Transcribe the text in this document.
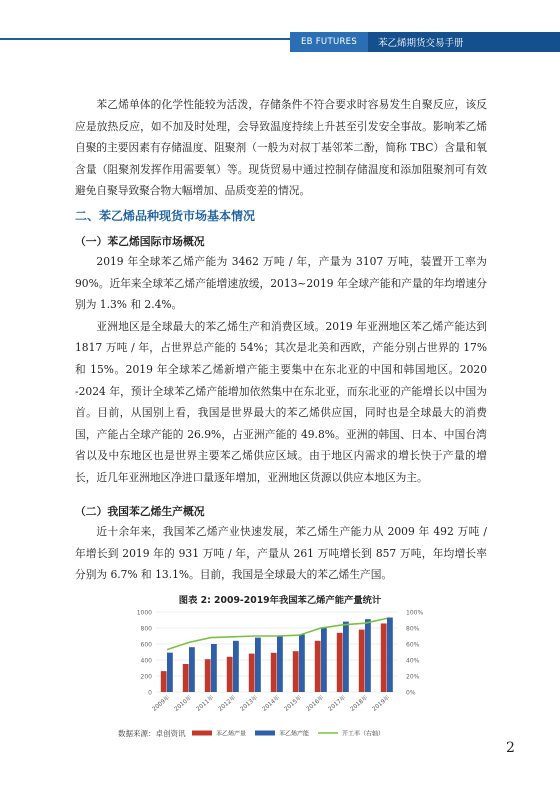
EB FUTURES	苯乙烯期货交易手册

苯乙烯单体的化学性能较为活泼，存储条件不符合要求时容易发生自聚反应，该反应是放热反应，如不加及时处理，会导致温度持续上升甚至引发安全事故。影响苯乙烯自聚的主要因素有存储温度、阻聚剂（一般为对叔丁基邻苯二酚，简称 TBC）含量和氧含量（阻聚剂发挥作用需要氧）等。现货贸易中通过控制存储温度和添加阻聚剂可有效避免自聚导致聚合物大幅增加、品质变差的情况。

二、苯乙烯品种现货市场基本情况
（一）苯乙烯国际市场概况

2019 年全球苯乙烯产能为 3462 万吨 / 年，产量为 3107 万吨，装置开工率为 90%。近年来全球苯乙烯产能增速放缓，2013~2019 年全球产能和产量的年均增速分别为 1.3% 和 2.4%。

亚洲地区是全球最大的苯乙烯生产和消费区域。2019 年亚洲地区苯乙烯产能达到 1817 万吨 / 年，占世界总产能的 54%；其次是北美和西欧，产能分别占世界的 17% 和 15%。2019 年全球苯乙烯新增产能主要集中在东北亚的中国和韩国地区。2020 -2024 年，预计全球苯乙烯产能增加依然集中在东北亚，而东北亚的产能增长以中国为首。目前，从国别上看，我国是世界最大的苯乙烯供应国，同时也是全球最大的消费国，产能占全球产能的 26.9%，占亚洲产能的 49.8%。亚洲的韩国、日本、中国台湾省以及中东地区也是世界主要苯乙烯供应区域。由于地区内需求的增长快于产量的增长，近几年亚洲地区净进口量逐年增加，亚洲地区货源以供应本地区为主。

（二）我国苯乙烯生产概况

近十余年来，我国苯乙烯产业快速发展，苯乙烯生产能力从 2009 年 492 万吨 / 年增长到 2019 年的 931 万吨 / 年，产量从 261 万吨增长到 857 万吨，年均增长率分别为 6.7% 和 13.1%。目前，我国是全球最大的苯乙烯生产国。

图表 2: 2009-2019年我国苯乙烯产能产量统计
0
200
400
600
800
1000
0%
20%
40%
60%
80%
100%
2009年 2010年 2011年 2012年 2013年 2014年 2015年 2016年 2017年 2018年 2019年
苯乙烯产量	苯乙烯产能	开工率（右轴）
数据来源：卓创资讯
2
